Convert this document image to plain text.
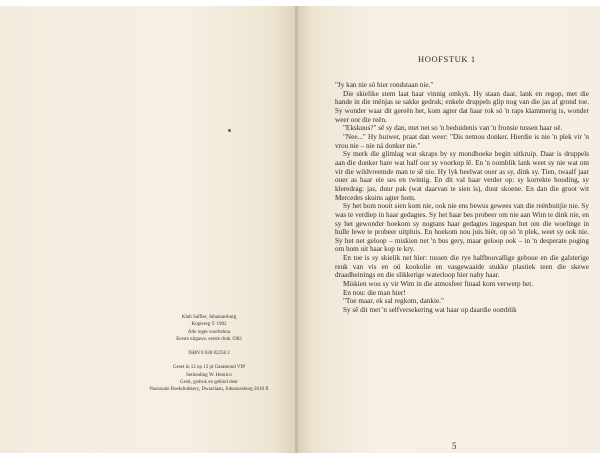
Klub Saffier, Johannesburg
Kopiereg © 1982
Alle regte voorbehou
Eerste uitgawe, eerste druk 1982
ISBN 0 628 02258 2
Geset in 12 op 13 pt Garamond VIP
Setlonding W. Henrico
Gesit, gedruk en gebind deur
Nasionale Boekdrukkery, Dwarslaan, Johannesburg 2618 II
HOOFSTUK 1

"Jy kan nie só hier rondstaan nie."

Die skielike stem laat haar vinnig omkyk. Hy staan daar, lank en regop, met die hande in die mënjas se sakke gedruk; enkele druppels glip nog van die jas af grond toe. Sy wonder waar dit gereën het, kom agter dat haar rok só 'n raps klammerig is, wonder weer oor die reën.

"Ekskuus?" sê sy dan, met net so 'n beduidenis van 'n fronsie tussen haar oë.

"Nee..." Hy huiwer, praat dan weer: "Dis netnou donker. Hierdie is nie 'n plek vir 'n vrou nie – nie ná donker nie."

Sy merk die glimlag wat skraps by sy mondhoeke begin uitkruip. Daar is druppels aan die donker hare wat half oor sy voorkop lê. En 'n oomblik lank weet sy nie wat om vir die wildvreemde man te sê nie. Hy lyk heelwat ouer as sy, dink sy. Tien, twaalf jaar ouer as haar eie ses en twintig. En dit val haar verder op: sy korrekte houding, sy kleredrag: jas, duur pak (wat daarvan te sien is), duur skoene. En dan die groot wit Mercedes skuins agter hom.

Sy het hom nooit sien kom nie, ook nie ens bewus gewees van die reënbuitjie nie. Sy was te verdiep in haar gedagtes. Sy het haar bes probeer om nie aan Wim te dink nie, en sy het gewonder hoekom sy nogtans haar gedagtes ingespan het om die woelinge in hulle lewe te probeer uitpluis. En hoekom nou juis hiér, op só 'n plek, weet sy ook nie. Sy het net geloop – miskien net 'n bus gery, maar geloop ook – in 'n desperate poging om hom uit haar kop te kry.

En toe is sy skielik net hier: tussen die rye halfbouvallige geboue en die galsterige reuk van vis en oú kookolie en vasgewaaide stukke plastiek teen die skewe draadheinings en die slikkerige waterloop hier naby haar.

Miskien wou sy vir Wim in die atmosfeer finaal kom verwerp het.

En nou: die man hier!

"Toe maar, ek sal regkom, dankie."

Sy sê dit met 'n selfversekering wat haar op daardie oomblik

5
